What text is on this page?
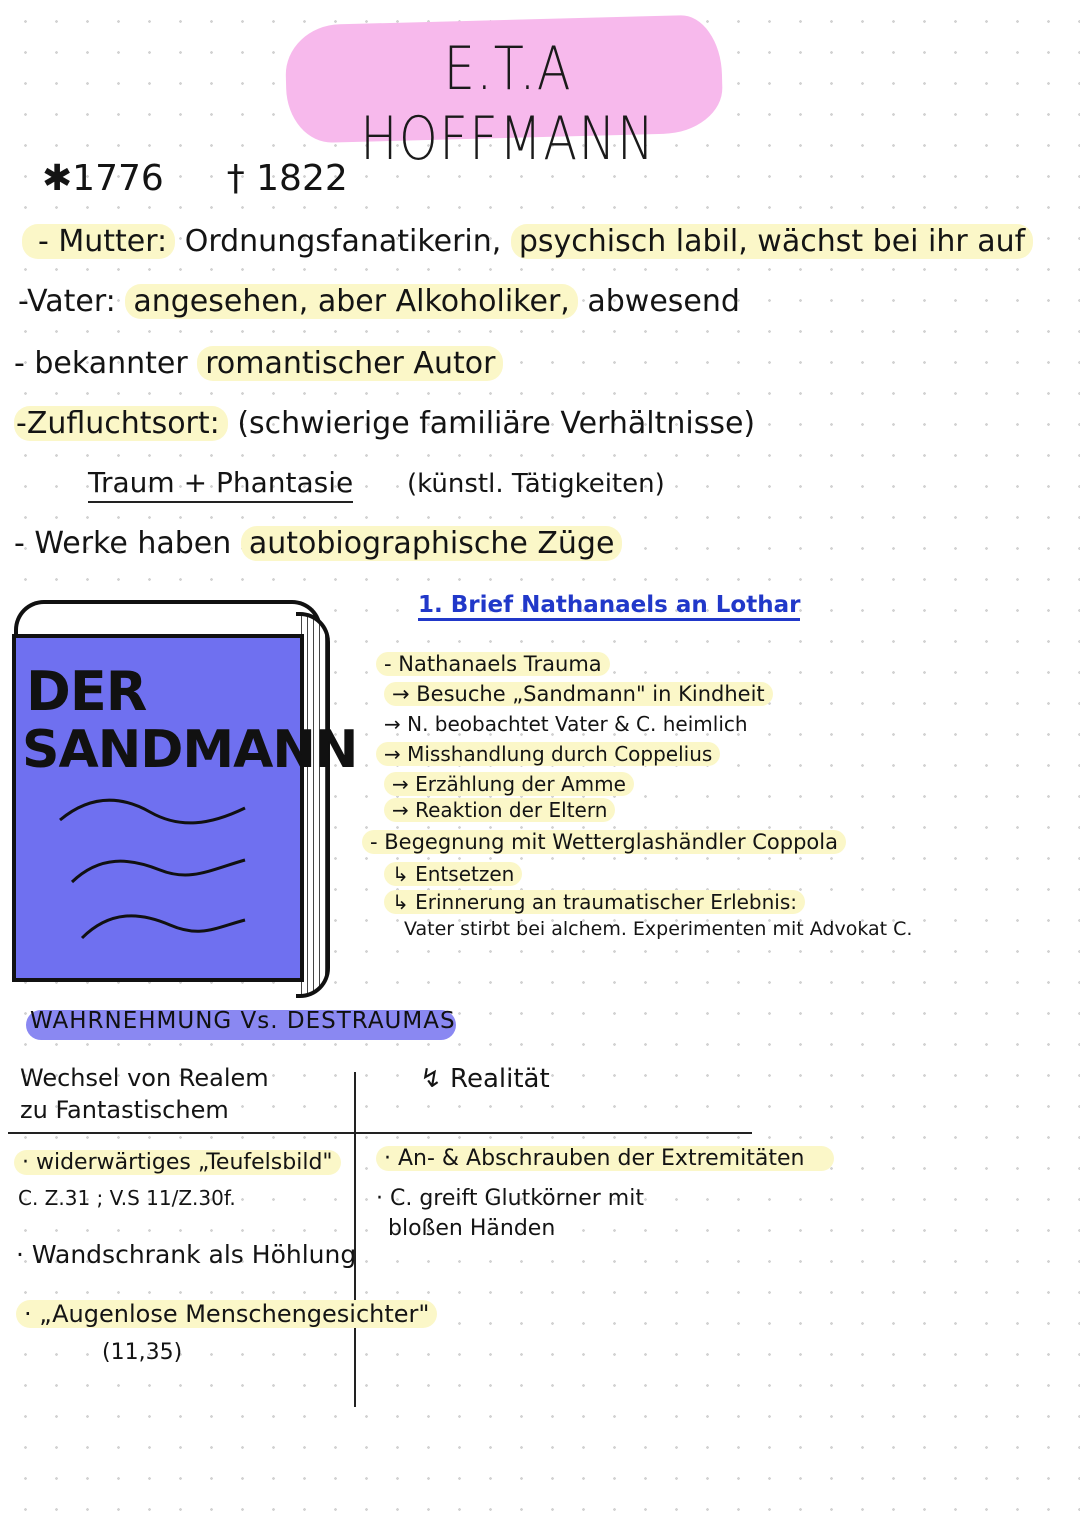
E.T.A HOFFMANN
✱1776 † 1822
- Mutter: Ordnungsfanatikerin, psychisch labil, wächst bei ihr auf
-Vater: angesehen, aber Alkoholiker, abwesend
- bekannter romantischer Autor
-Zufluchtsort: (schwierige familiäre Verhältnisse)
Traum + Phantasie (künstl. Tätigkeiten)
- Werke haben autobiographische Züge
DER
SANDMANN
1. Brief Nathanaels an Lothar
- Nathanaels Trauma
→ Besuche „Sandmann" in Kindheit
→ N. beobachtet Vater & C. heimlich
→ Misshandlung durch Coppelius
→ Erzählung der Amme
→ Reaktion der Eltern
- Begegnung mit Wetterglashändler Coppola
↳ Entsetzen
↳ Erinnerung an traumatischer Erlebnis:
Vater stirbt bei alchem. Experimenten mit Advokat C.
WAHRNEHMUNG Vs. DESTRAUMAS
Wechsel von Realem
zu Fantastischem
↯ Realität
· widerwärtiges „Teufelsbild"
C. Z.31 ; V.S 11/Z.30f.
· Wandschrank als Höhlung
· „Augenlose Menschengesichter"
(11,35)
· An- & Abschrauben der Extremitäten
· C. greift Glutkörner mit
bloßen Händen
